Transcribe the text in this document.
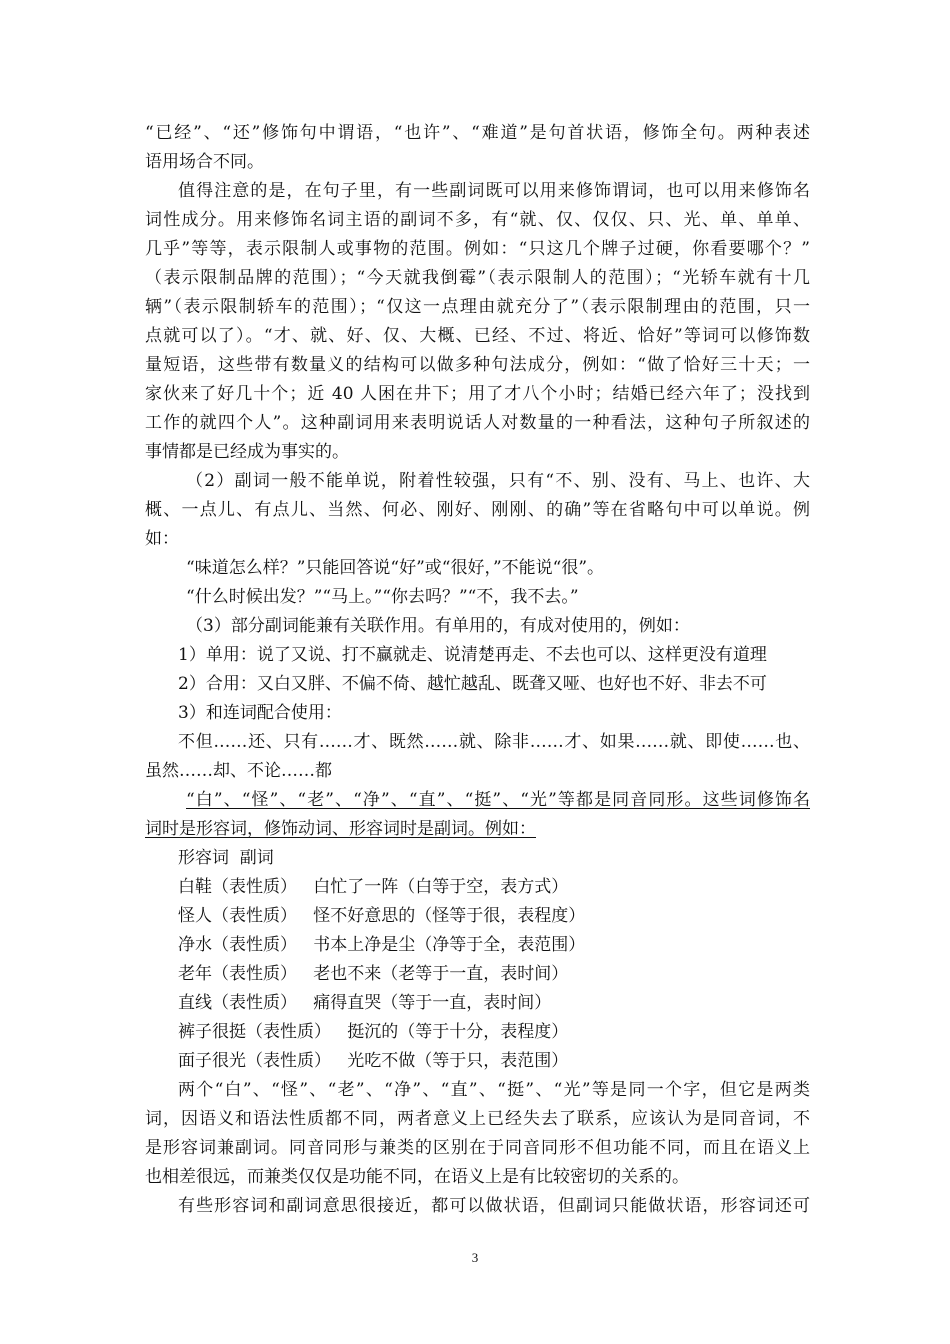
“已经”、“还”修饰句中谓语，“也许”、“难道”是句首状语，修饰全句。两种表述
语用场合不同。
值得注意的是，在句子里，有一些副词既可以用来修饰谓词，也可以用来修饰名
词性成分。用来修饰名词主语的副词不多，有“就、仅、仅仅、只、光、单、单单、
几乎”等等，表示限制人或事物的范围。例如：“只这几个牌子过硬，你看要哪个？”
（表示限制品牌的范围）；“今天就我倒霉”（表示限制人的范围）；“光轿车就有十几
辆”（表示限制轿车的范围）；“仅这一点理由就充分了”（表示限制理由的范围，只一
点就可以了）。“才、就、好、仅、大概、已经、不过、将近、恰好”等词可以修饰数
量短语，这些带有数量义的结构可以做多种句法成分，例如：“做了恰好三十天；一
家伙来了好几十个；近 40 人困在井下；用了才八个小时；结婚已经六年了；没找到
工作的就四个人”。这种副词用来表明说话人对数量的一种看法，这种句子所叙述的
事情都是已经成为事实的。
（2）副词一般不能单说，附着性较强，只有“不、别、没有、马上、也许、大
概、一点儿、有点儿、当然、何必、刚好、刚刚、的确”等在省略句中可以单说。例
如：
“味道怎么样？”只能回答说“好”或“很好，”不能说“很”。
“什么时候出发？”“马上。”“你去吗？”“不，我不去。”
（3）部分副词能兼有关联作用。有单用的，有成对使用的，例如：
1）单用：说了又说、打不赢就走、说清楚再走、不去也可以、这样更没有道理
2）合用：又白又胖、不偏不倚、越忙越乱、既聋又哑、也好也不好、非去不可
3）和连词配合使用：
不但……还、只有……才、既然……就、除非……才、如果……就、即使……也、
虽然……却、不论……都
“白”、“怪”、“老”、“净”、“直”、“挺”、“光”等都是同音同形。这些词修饰名
词时是形容词，修饰动词、形容词时是副词。例如：
形容词  副词
白鞋（表性质）   白忙了一阵（白等于空，表方式）
怪人（表性质）   怪不好意思的（怪等于很，表程度）
净水（表性质）   书本上净是尘（净等于全，表范围）
老年（表性质）   老也不来（老等于一直，表时间）
直线（表性质）   痛得直哭（等于一直，表时间）
裤子很挺（表性质）   挺沉的（等于十分，表程度）
面子很光（表性质）   光吃不做（等于只，表范围）
两个“白”、“怪”、“老”、“净”、“直”、“挺”、“光”等是同一个字，但它是两类
词，因语义和语法性质都不同，两者意义上已经失去了联系，应该认为是同音词，不
是形容词兼副词。同音同形与兼类的区别在于同音同形不但功能不同，而且在语义上
也相差很远，而兼类仅仅是功能不同，在语义上是有比较密切的关系的。
有些形容词和副词意思很接近，都可以做状语，但副词只能做状语，形容词还可
3
